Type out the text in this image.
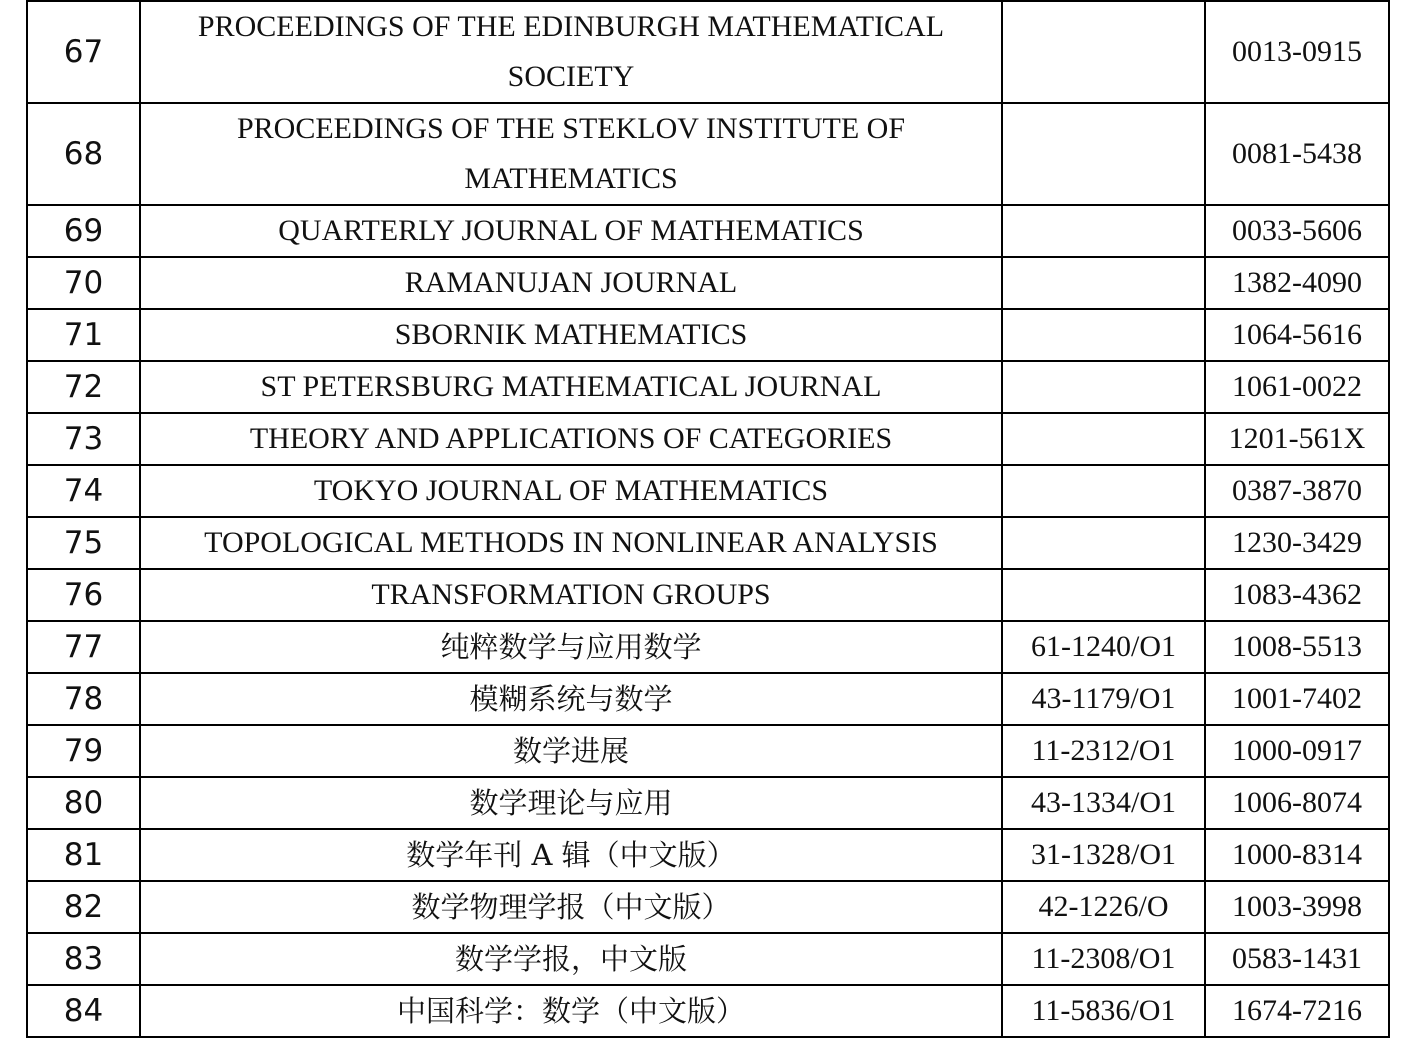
67	PROCEEDINGS OF THE EDINBURGH MATHEMATICAL SOCIETY		0013-0915
68	PROCEEDINGS OF THE STEKLOV INSTITUTE OF MATHEMATICS		0081-5438
69	QUARTERLY JOURNAL OF MATHEMATICS		0033-5606
70	RAMANUJAN JOURNAL		1382-4090
71	SBORNIK MATHEMATICS		1064-5616
72	ST PETERSBURG MATHEMATICAL JOURNAL		1061-0022
73	THEORY AND APPLICATIONS OF CATEGORIES		1201-561X
74	TOKYO JOURNAL OF MATHEMATICS		0387-3870
75	TOPOLOGICAL METHODS IN NONLINEAR ANALYSIS		1230-3429
76	TRANSFORMATION GROUPS		1083-4362
77	纯粹数学与应用数学	61-1240/O1	1008-5513
78	模糊系统与数学	43-1179/O1	1001-7402
79	数学进展	11-2312/O1	1000-0917
80	数学理论与应用	43-1334/O1	1006-8074
81	数学年刊 A 辑（中文版）	31-1328/O1	1000-8314
82	数学物理学报（中文版）	42-1226/O	1003-3998
83	数学学报，中文版	11-2308/O1	0583-1431
84	中国科学：数学（中文版）	11-5836/O1	1674-7216
